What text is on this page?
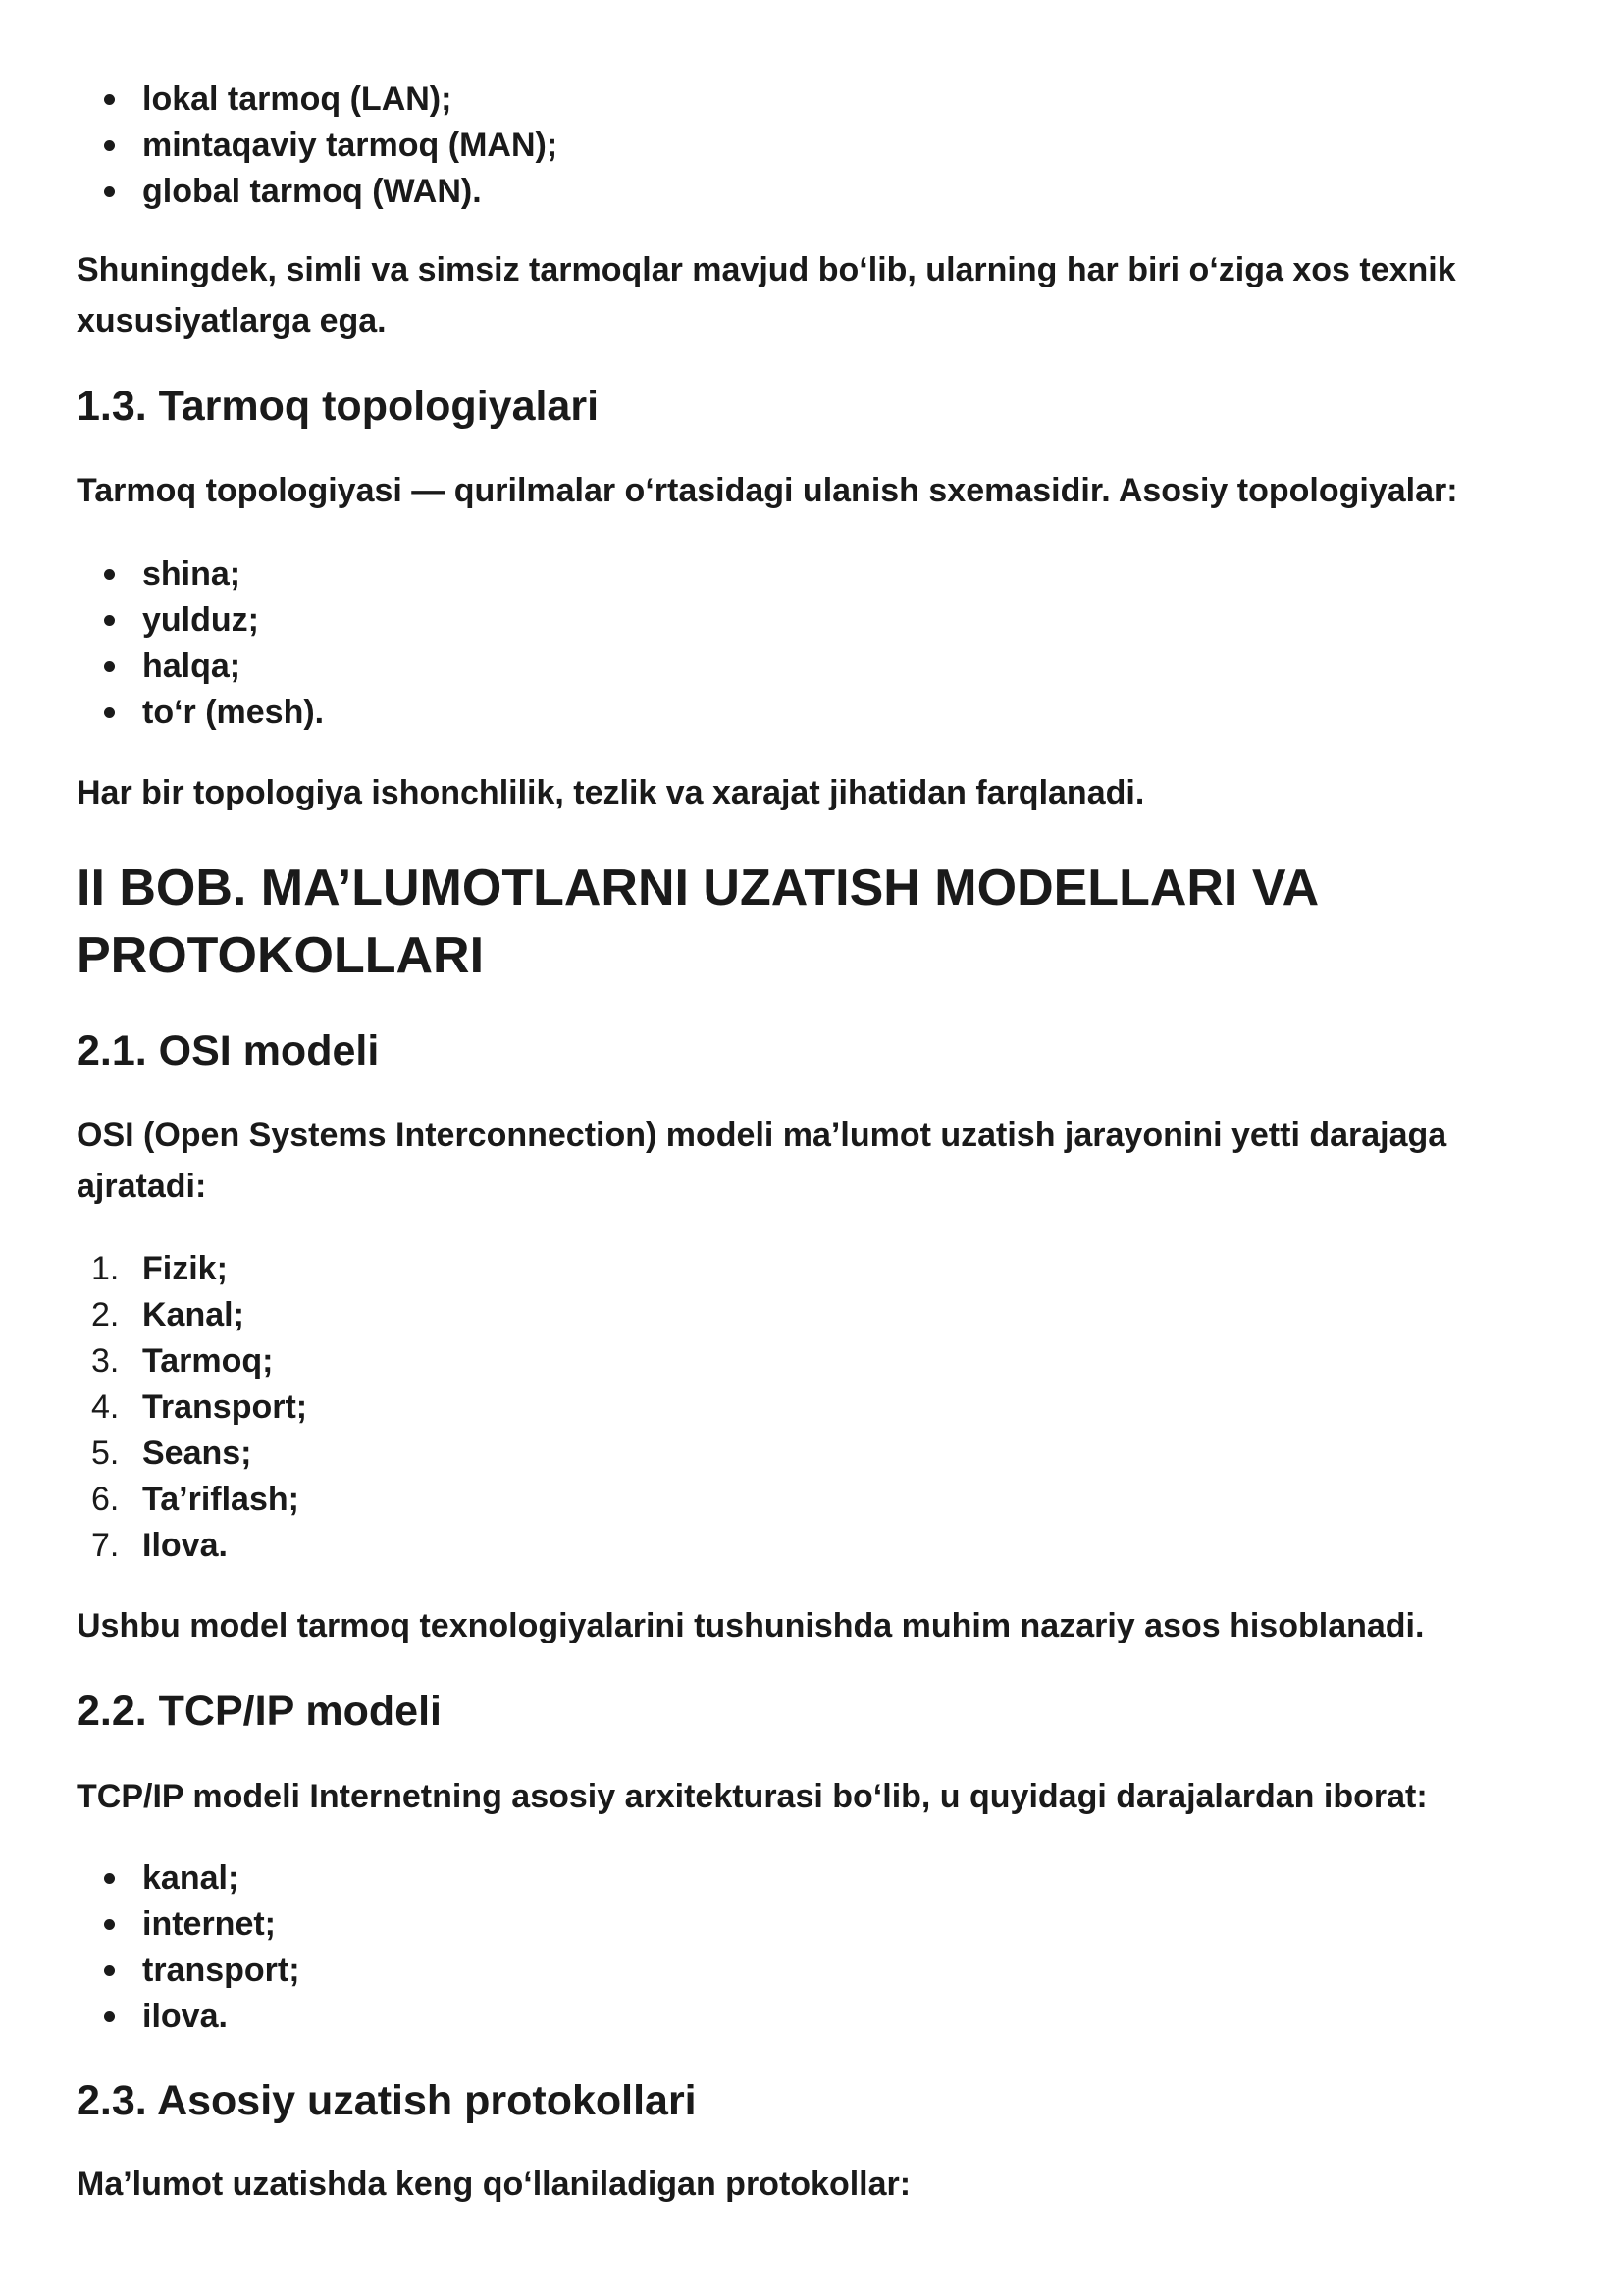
lokal tarmoq (LAN);
mintaqaviy tarmoq (MAN);
global tarmoq (WAN).

Shuningdek, simli va simsiz tarmoqlar mavjud bo‘lib, ularning har biri o‘ziga xos texnik

xususiyatlarga ega.

1.3. Tarmoq topologiyalari

Tarmoq topologiyasi — qurilmalar o‘rtasidagi ulanish sxemasidir. Asosiy topologiyalar:

shina;
yulduz;
halqa;
to‘r (mesh).

Har bir topologiya ishonchlilik, tezlik va xarajat jihatidan farqlanadi.

II BOB. MA’LUMOTLARNI UZATISH MODELLARI VA

PROTOKOLLARI

2.1. OSI modeli

OSI (Open Systems Interconnection) modeli ma’lumot uzatish jarayonini yetti darajaga

ajratadi:

1. Fizik;
2. Kanal;
3. Tarmoq;
4. Transport;
5. Seans;
6. Ta’riflash;
7. Ilova.

Ushbu model tarmoq texnologiyalarini tushunishda muhim nazariy asos hisoblanadi.

2.2. TCP/IP modeli

TCP/IP modeli Internetning asosiy arxitekturasi bo‘lib, u quyidagi darajalardan iborat:

kanal;
internet;
transport;
ilova.

2.3. Asosiy uzatish protokollari

Ma’lumot uzatishda keng qo‘llaniladigan protokollar:
